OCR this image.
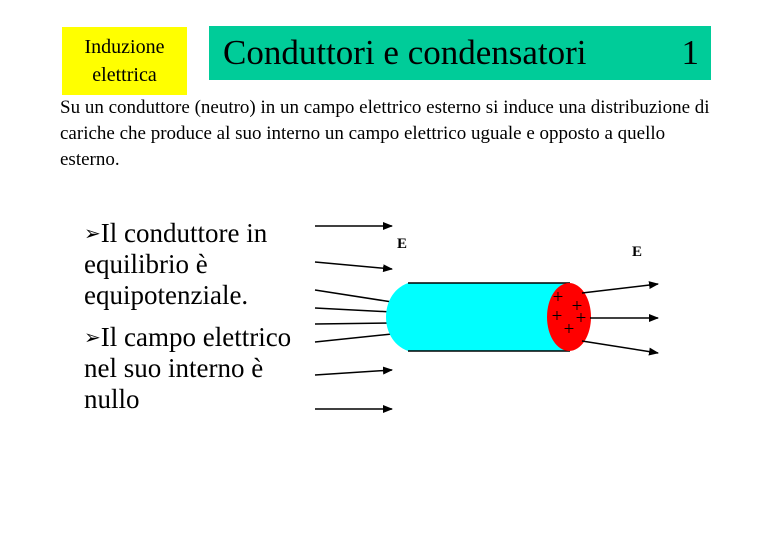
Induzione
elettrica
Conduttori e condensatori	1
Su un conduttore (neutro) in un campo elettrico esterno si induce una distribuzione di cariche che produce al suo interno un campo elettrico uguale e opposto a quello esterno.
➢Il conduttore in equilibrio è equipotenziale.
➢Il campo elettrico nel suo interno è nullo
+ +
+ +
+
E	E
